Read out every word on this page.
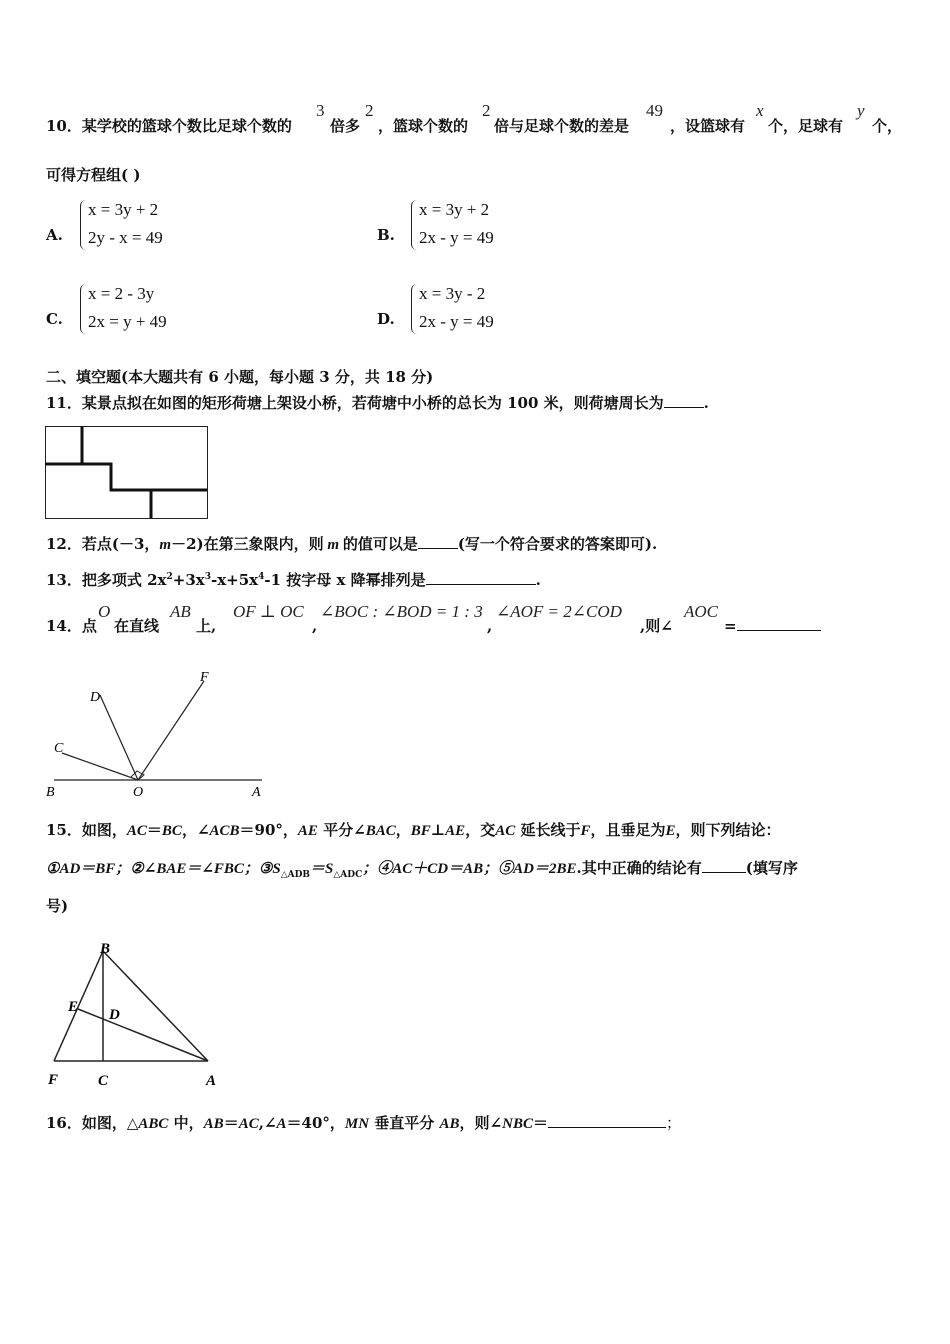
10．某学校的篮球个数比足球个数的
3
倍多
2
，篮球个数的
2
倍与足球个数的差是
49
，设篮球有
x
个，足球有
y
个，
可得方程组( )
A.
x = 3y + 2
2y - x = 49	B.
x = 3y + 2
2x - y = 49
C.
x = 2 - 3y
2x = y + 49	D.
x = 3y - 2
2x - y = 49
二、填空题(本大题共有 6 小题，每小题 3 分，共 18 分)
11．某景点拟在如图的矩形荷塘上架设小桥，若荷塘中小桥的总长为 100 米，则荷塘周长为	.
12．若点(－3，m－2)在第三象限内，则 m 的值可以是	(写一个符合要求的答案即可).
13．把多项式 $2x^2+3x^3-x+5x^4-1$ 按字母 x 降幂排列是	.
14．点
O
在直线
AB
上,
OF ⊥ OC
,
∠BOC : ∠BOD = 1 : 3
,
∠AOF = 2∠COD
,则∠
AOC
=
D
F
C
B	O	A
15．如图，AC＝BC，∠ACB＝90°，AE 平分∠BAC，BF⊥AE，交AC 延长线于F，且垂足为E，则下列结论：
①AD＝BF；②∠BAE＝∠FBC；$③S_{\triangle ADB}=S_{\triangle ADC}$；④AC＋CD＝AB；⑤AD＝2BE.其中正确的结论有	(填写序
号)
B
E D
F	C	A
16．如图，△ABC 中，AB＝AC,∠A＝40°，MN 垂直平分 AB，则∠NBC＝	；
